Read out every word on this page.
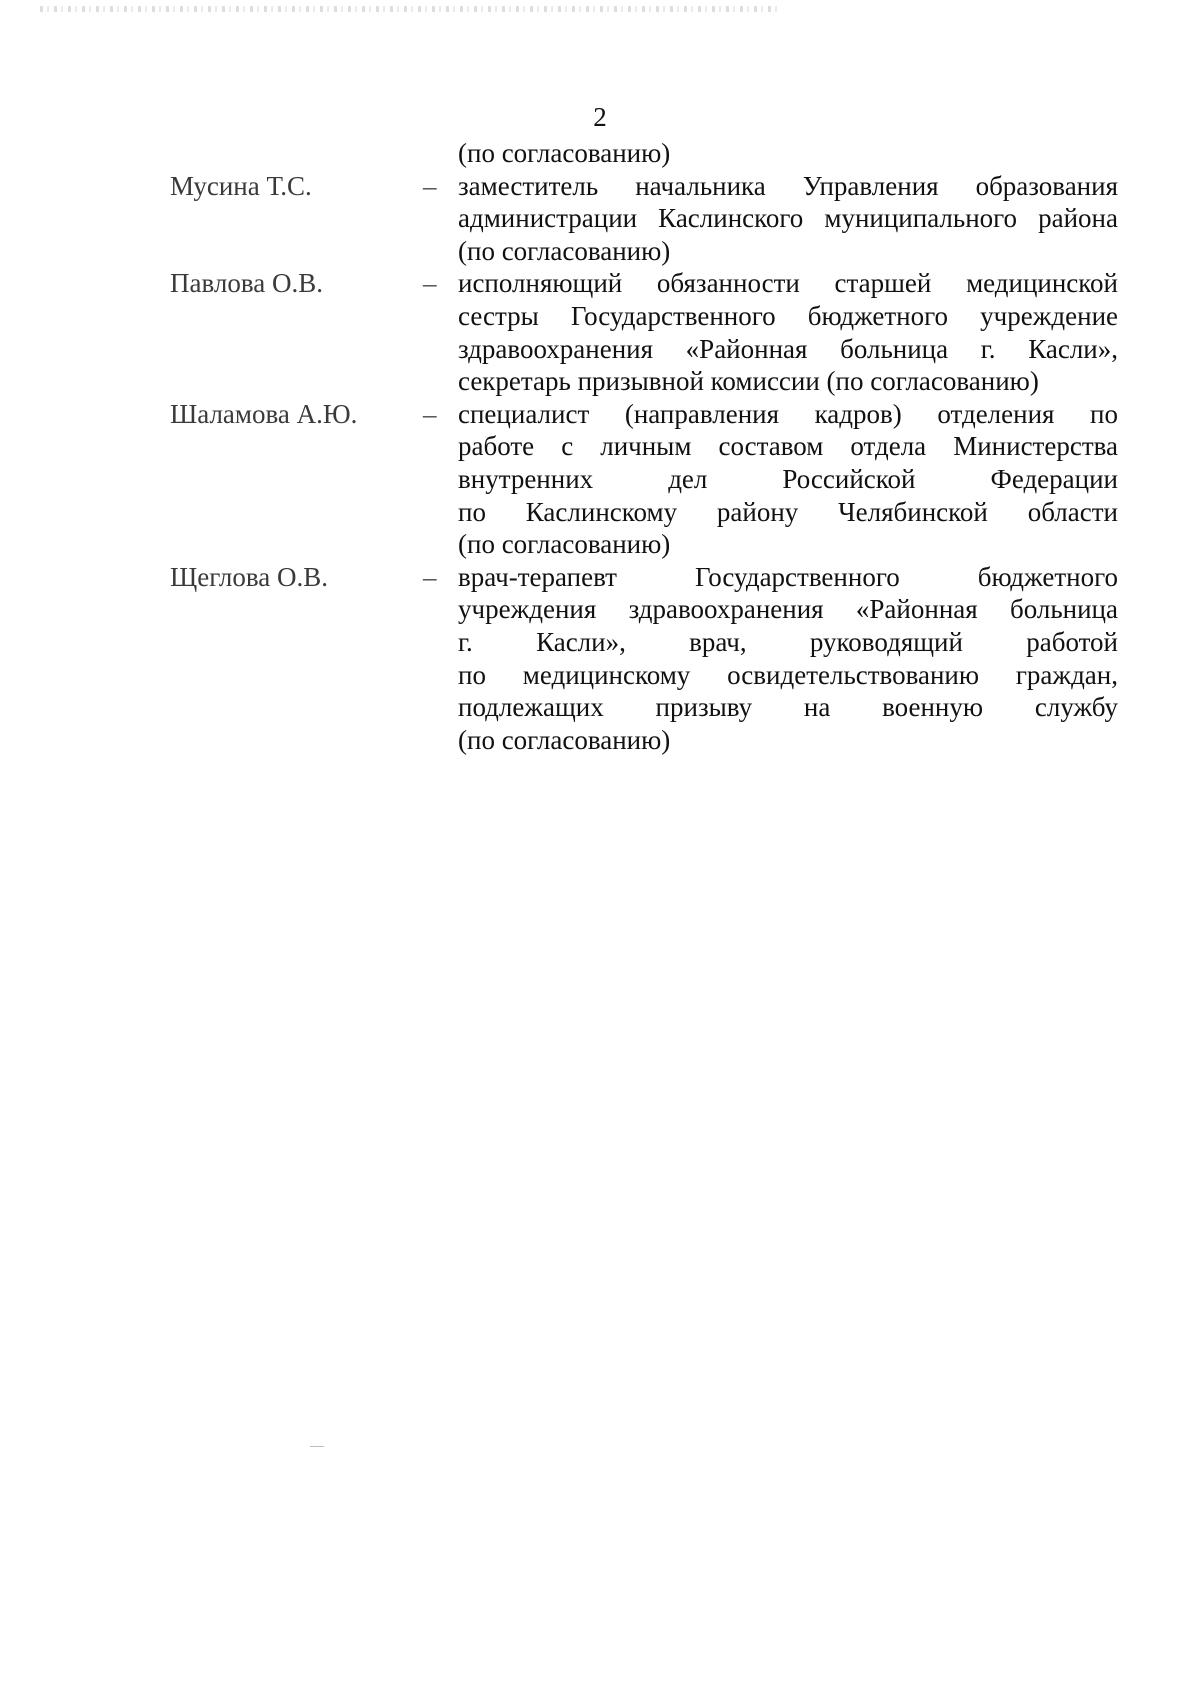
2
(по согласованию)
Мусина Т.С.	– заместитель начальника Управления образования
администрации Каслинского муниципального района
(по согласованию)
Павлова О.В.	– исполняющий обязанности старшей медицинской
сестры Государственного бюджетного учреждение
здравоохранения «Районная больница г. Касли»,
секретарь призывной комиссии (по согласованию)
Шаламова А.Ю. – специалист (направления кадров) отделения по
работе с личным составом отдела Министерства
внутренних	дел	Российской	Федерации
по Каслинскому району Челябинской области
(по согласованию)
Щеглова О.В.	– врач-терапевт	Государственного	бюджетного
учреждения здравоохранения «Районная больница
г. Касли», врач, руководящий работой
по медицинскому освидетельствованию граждан,
подлежащих призыву на военную службу
(по согласованию)
